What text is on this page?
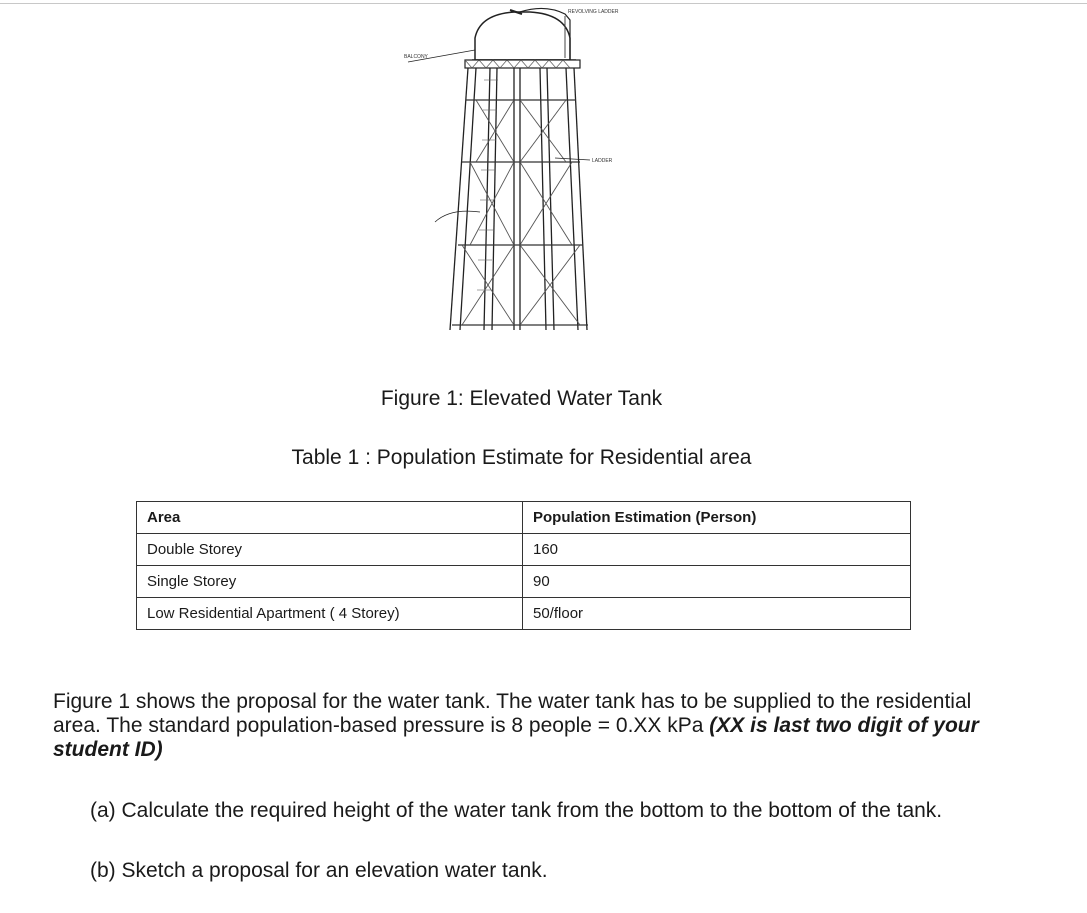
REVOLVING LADDER
BALCONY
LADDER
Figure 1: Elevated Water Tank
Table 1 : Population Estimate for Residential area
Area	Population Estimation (Person)
Double Storey	160
Single Storey	90
Low Residential Apartment ( 4 Storey)	50/floor
Figure 1 shows the proposal for the water tank. The water tank has to be supplied to the residential area. The standard population-based pressure is 8 people = 0.XX kPa (XX is last two digit of your student ID)
(a) Calculate the required height of the water tank from the bottom to the bottom of the tank.
(b) Sketch a proposal for an elevation water tank.
